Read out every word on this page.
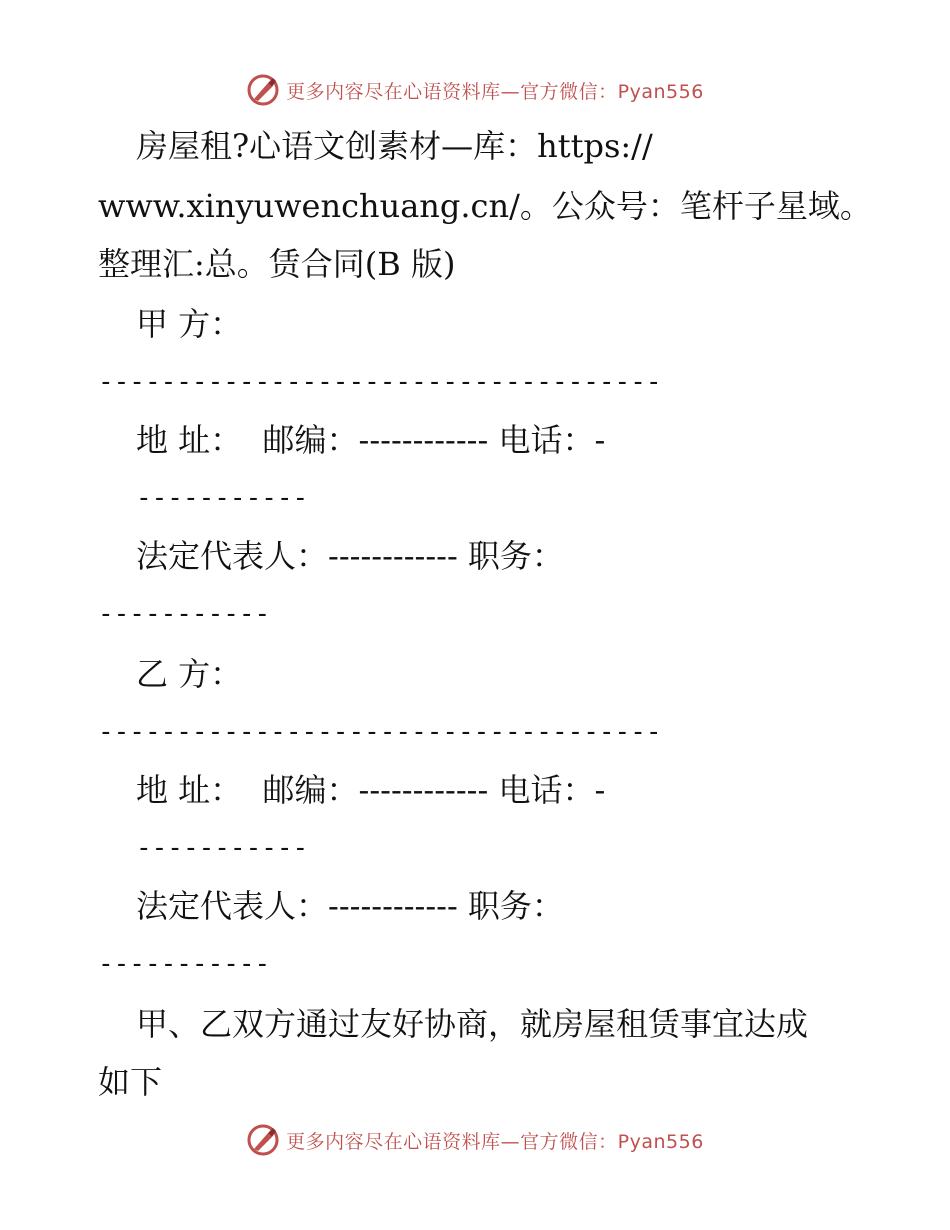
更多内容尽在心语资料库—官方微信：Pyan556
房屋租?心语文创素材—库：https://
www.xinyuwenchuang.cn/。公众号：笔杆子星域。
整理汇:总。赁合同(B 版)
甲 方：
------------------------------------
地 址：  邮编：------------ 电话：-
-----------
法定代表人：------------ 职务：
-----------
乙 方：
------------------------------------
地 址：  邮编：------------ 电话：-
-----------
法定代表人：------------ 职务：
-----------
甲、乙双方通过友好协商，就房屋租赁事宜达成
如下
更多内容尽在心语资料库—官方微信：Pyan556
